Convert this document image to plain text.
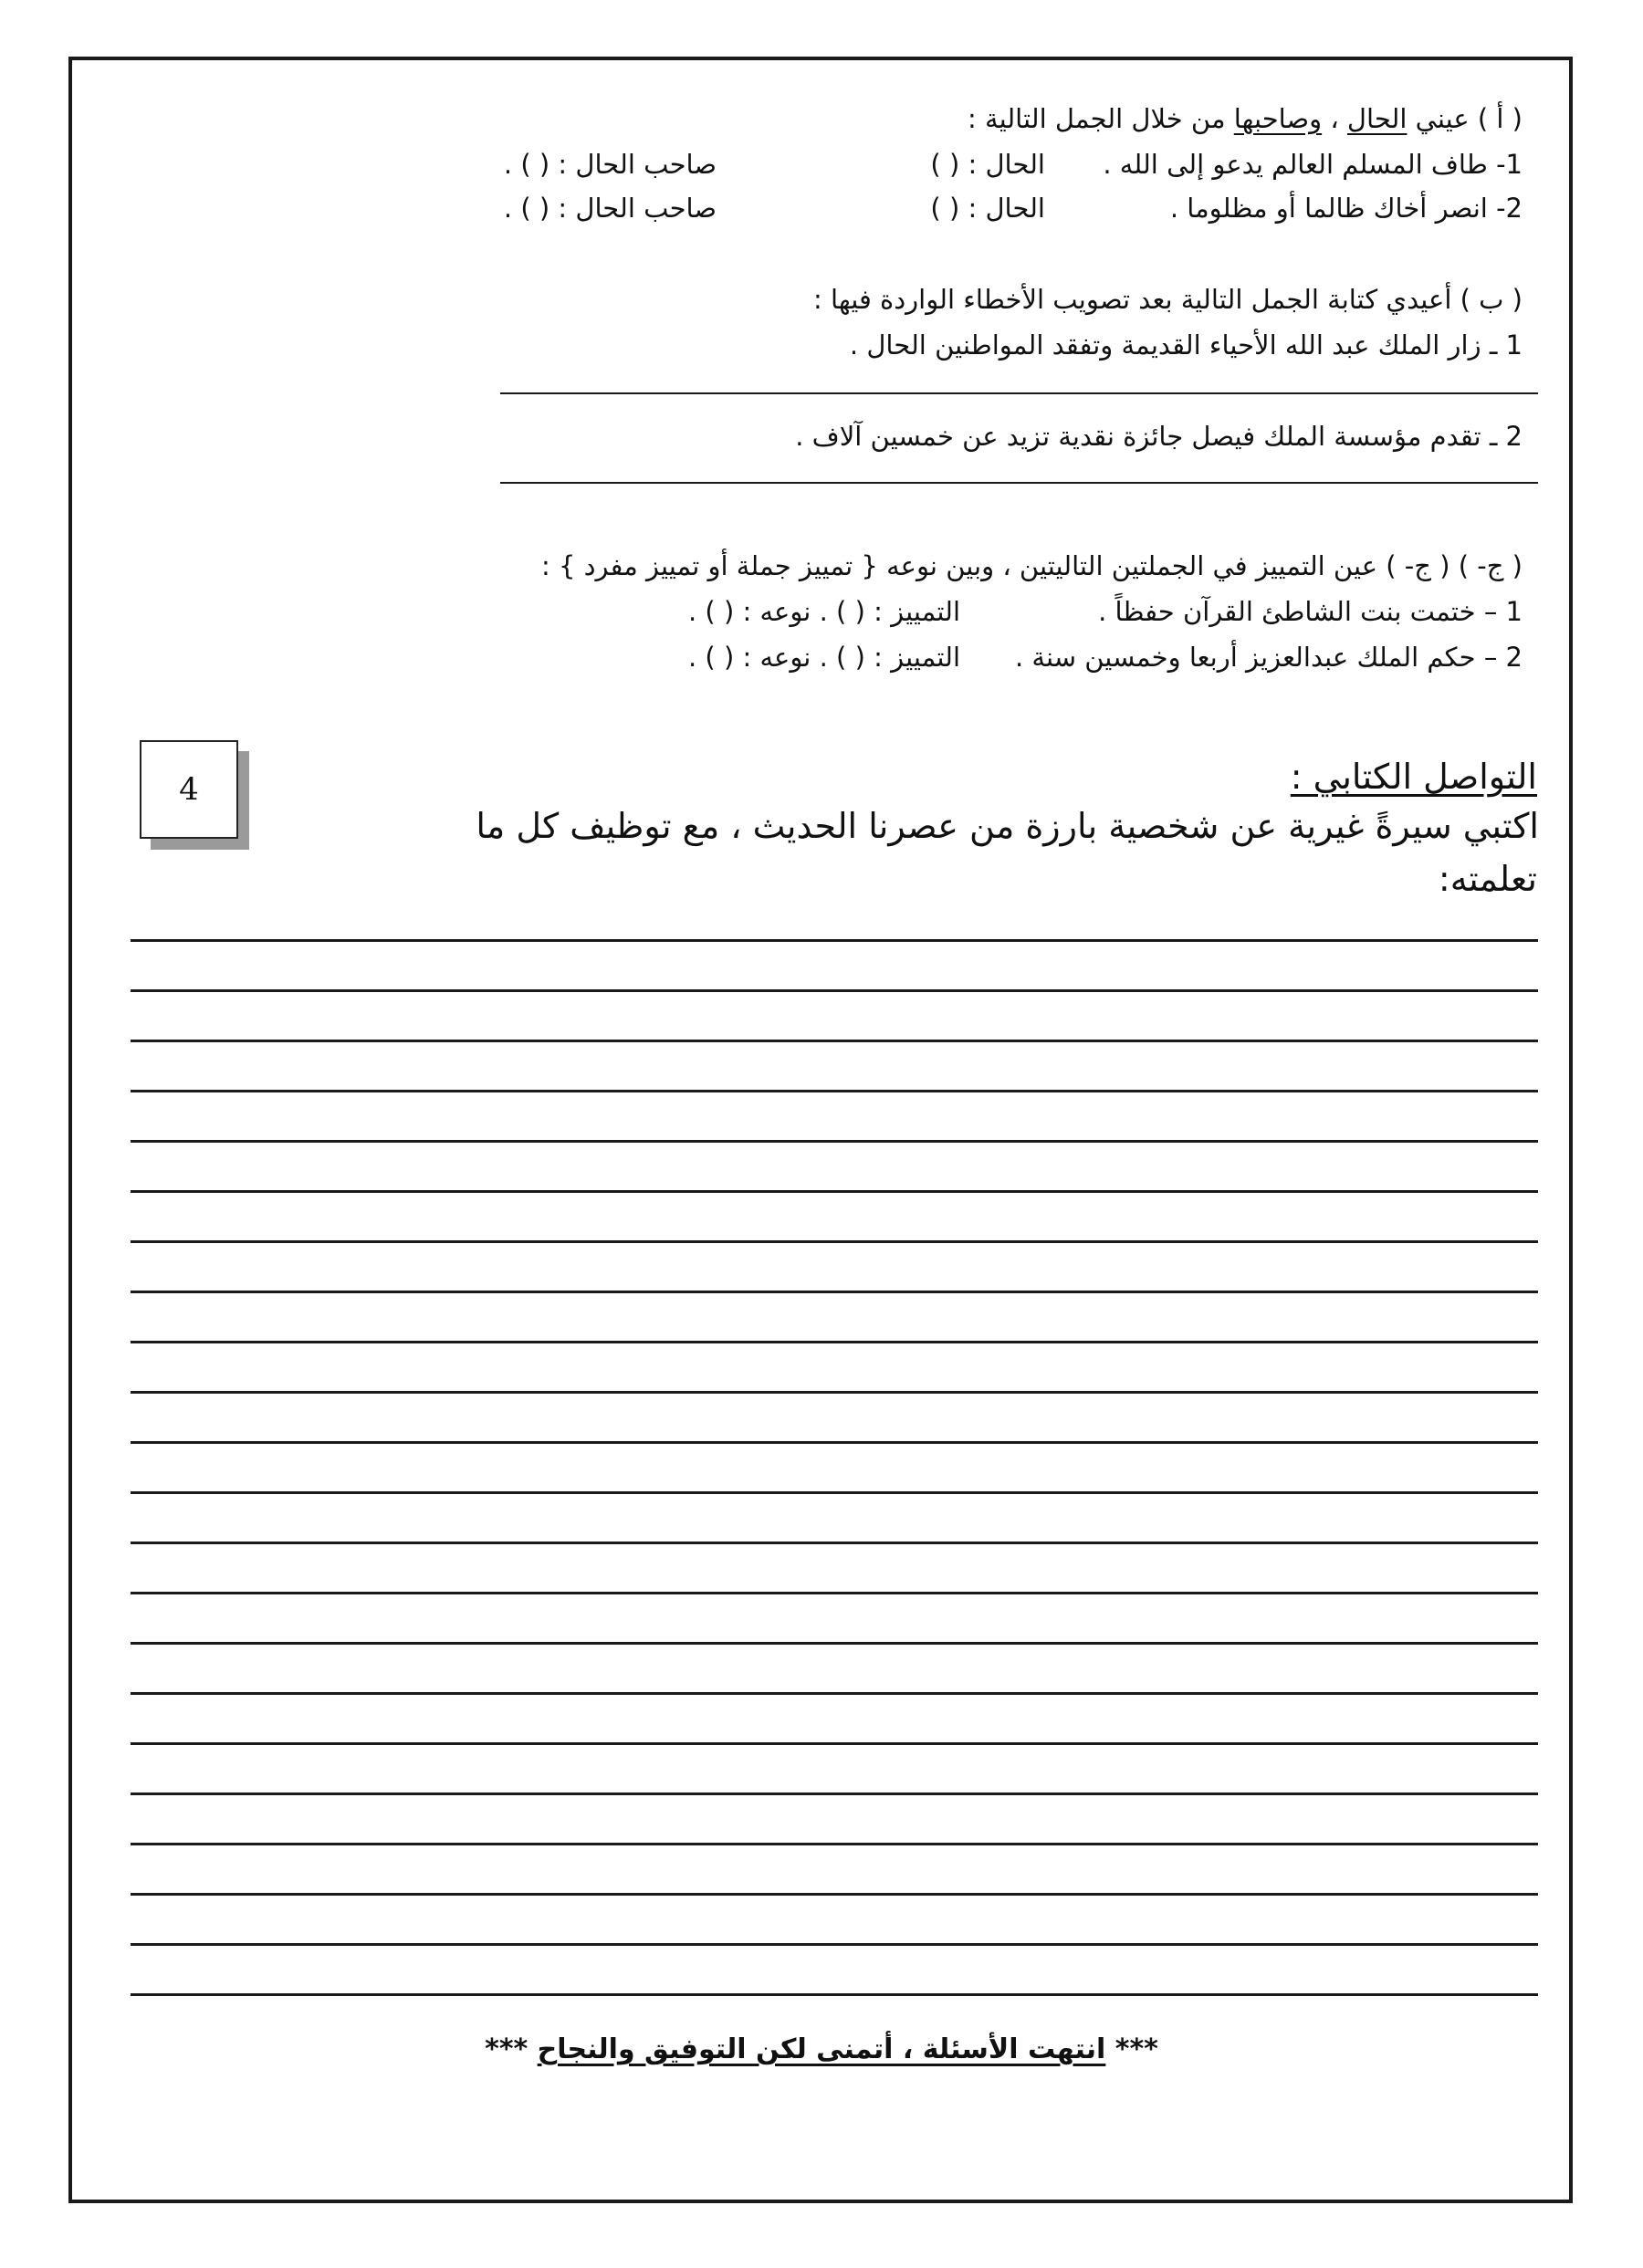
( أ ) عيني الحال ، وصاحبها من خلال الجمل التالية :
1- طاف المسلم العالم يدعو إلى الله .
الحال : ( )
صاحب الحال : ( ) .
2- انصر أخاك ظالما أو مظلوما .
الحال : ( )
صاحب الحال : ( ) .
( ب ) أعيدي كتابة الجمل التالية بعد تصويب الأخطاء الواردة فيها :
1 ـ زار الملك عبد الله الأحياء القديمة وتفقد المواطنين الحال .
2 ـ تقدم مؤسسة الملك فيصل جائزة نقدية تزيد عن خمسين آلاف .
( ج- ) ( ج- ) عين التمييز في الجملتين التاليتين ، وبين نوعه { تمييز جملة أو تمييز مفرد } :
1 – ختمت بنت الشاطئ القرآن حفظاً .
التمييز : ( ) . نوعه : ( ) .
2 – حكم الملك عبدالعزيز أربعا وخمسين سنة .
التمييز : ( ) . نوعه : ( ) .
4	التواصل الكتابي :
اكتبي سيرةً غيرية عن شخصية بارزة من عصرنا الحديث ، مع توظيف كل ما
تعلمته:
*** انتهت الأسئلة ، أتمنى لكن التوفيق والنجاح ***
